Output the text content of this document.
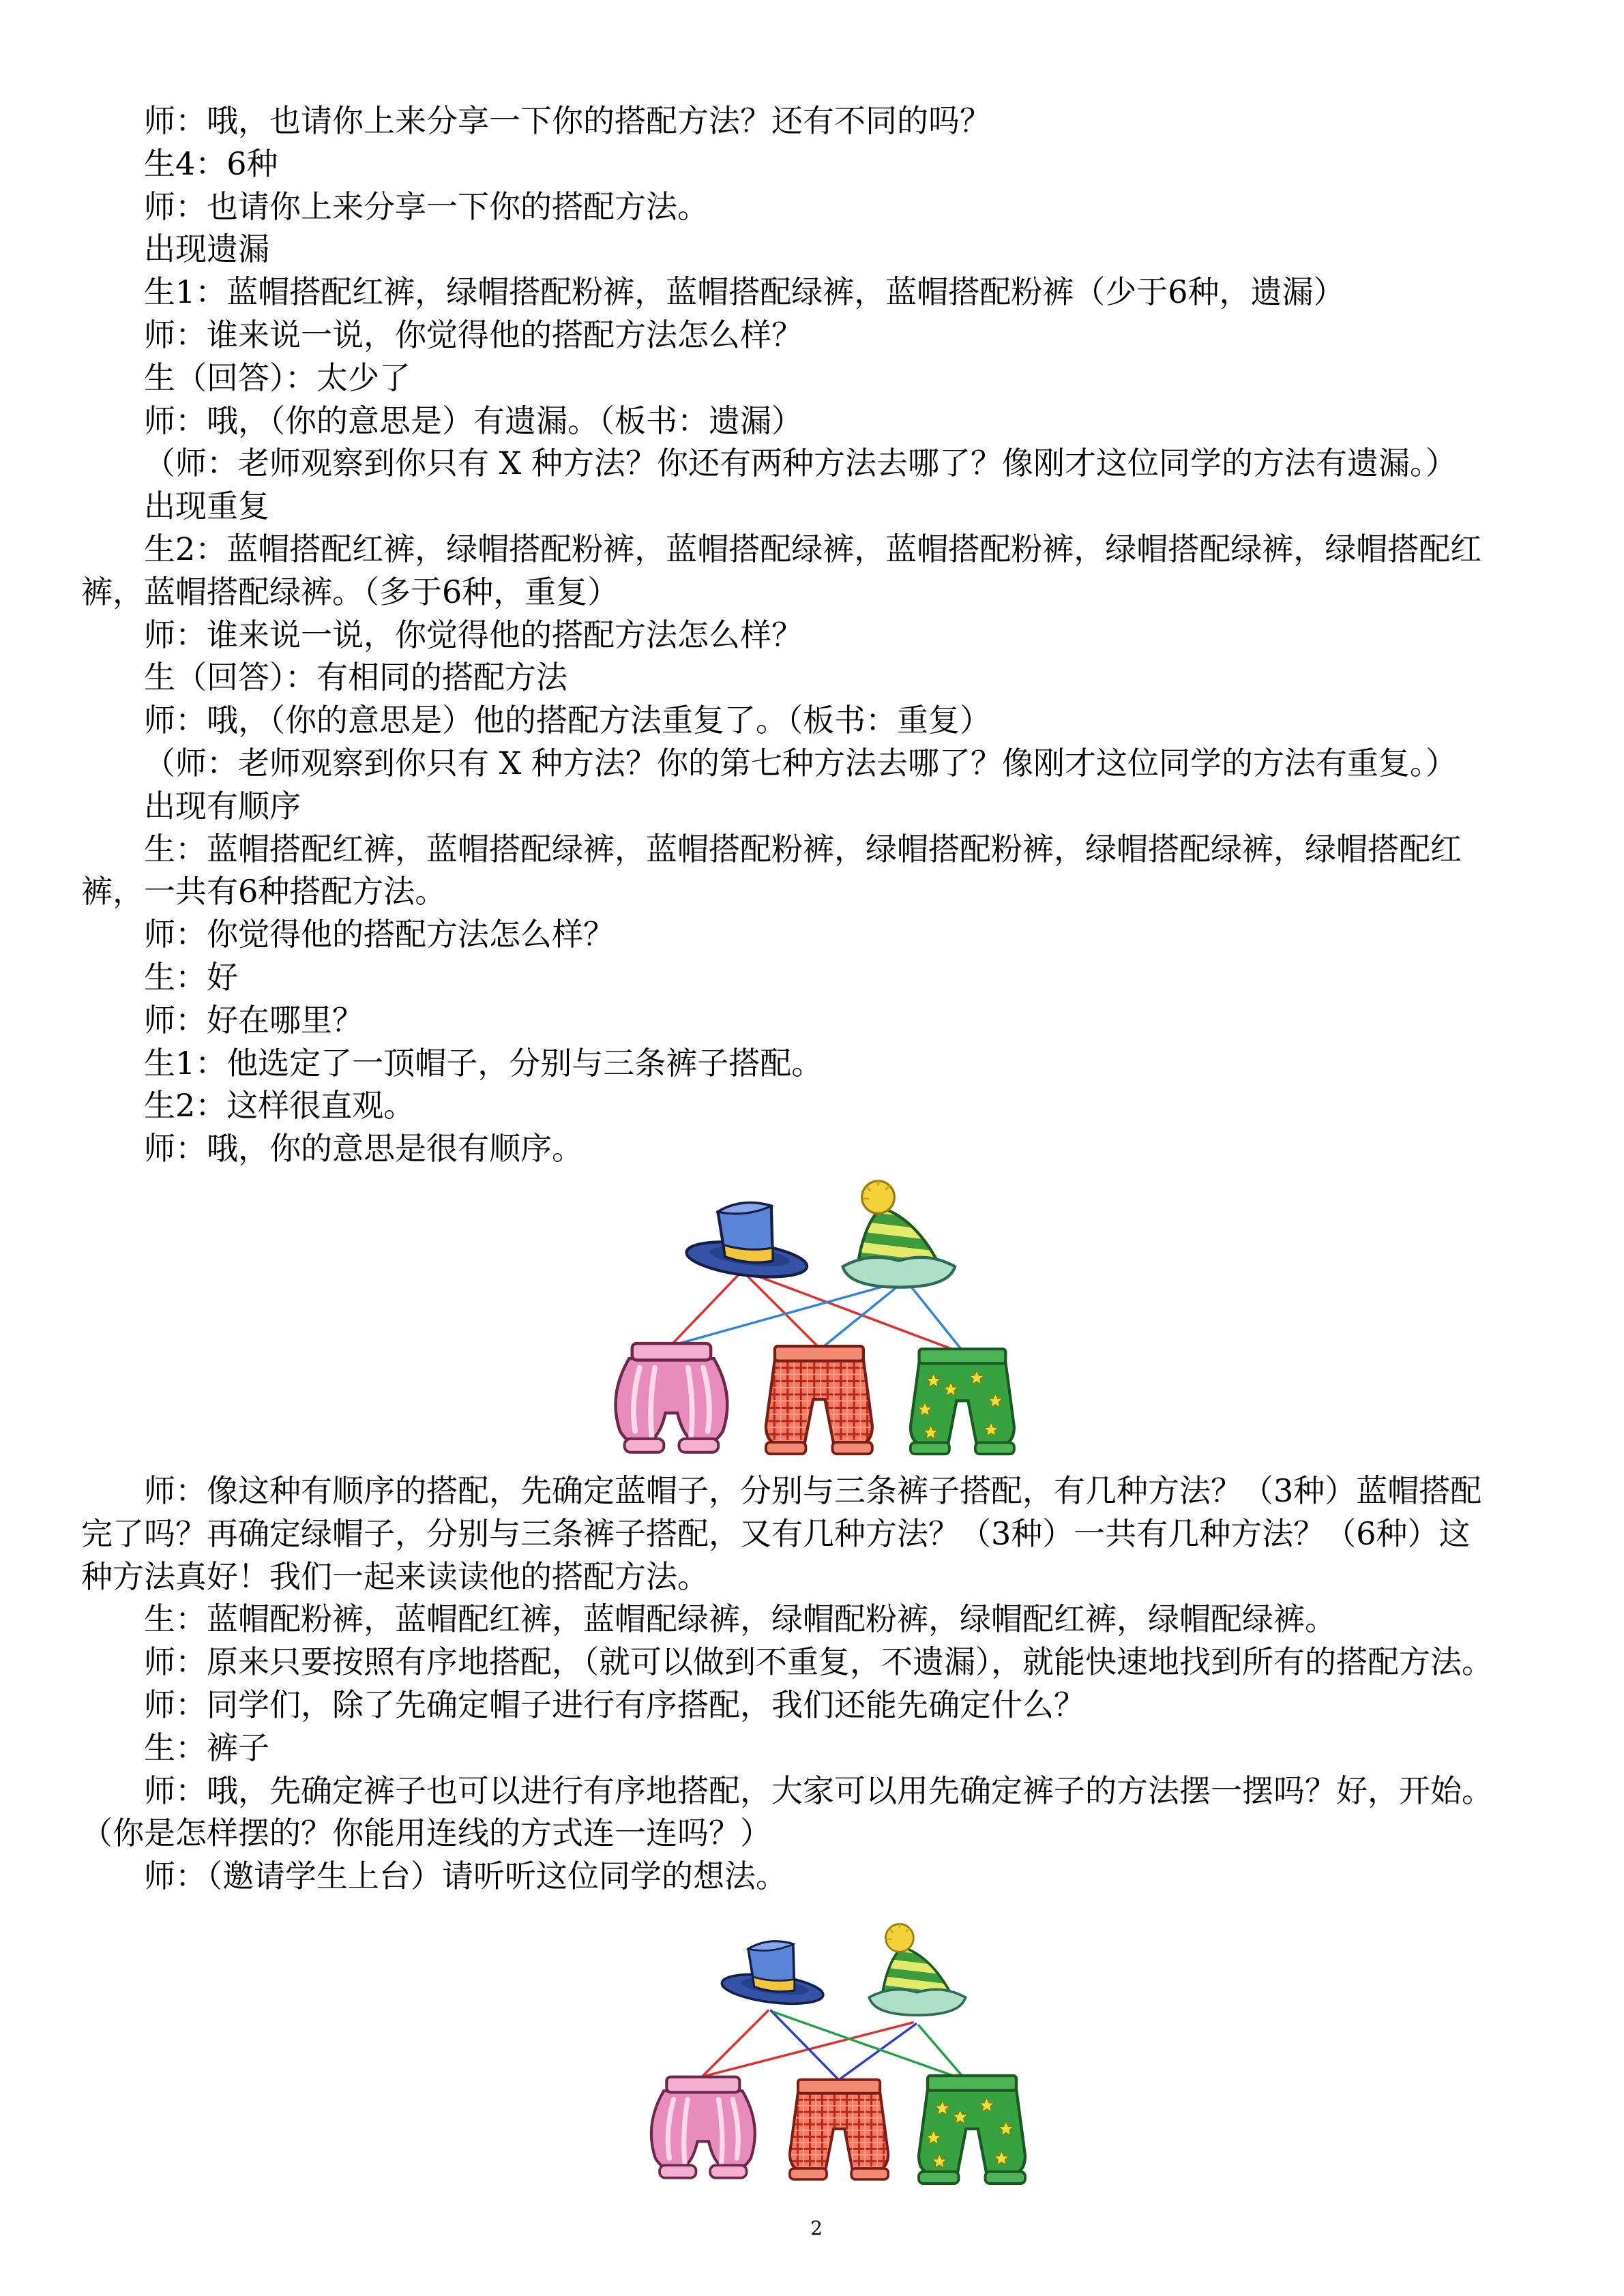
师：哦，也请你上来分享一下你的搭配方法？还有不同的吗？
生4：6种
师：也请你上来分享一下你的搭配方法。
出现遗漏
生1：蓝帽搭配红裤，绿帽搭配粉裤，蓝帽搭配绿裤，蓝帽搭配粉裤（少于6种，遗漏）
师：谁来说一说，你觉得他的搭配方法怎么样？
生（回答）：太少了
师：哦，（你的意思是）有遗漏。（板书：遗漏）
（师：老师观察到你只有 X 种方法？你还有两种方法去哪了？像刚才这位同学的方法有遗漏。）
出现重复
生2：蓝帽搭配红裤，绿帽搭配粉裤，蓝帽搭配绿裤，蓝帽搭配粉裤，绿帽搭配绿裤，绿帽搭配红
裤，蓝帽搭配绿裤。（多于6种，重复）
师：谁来说一说，你觉得他的搭配方法怎么样？
生（回答）：有相同的搭配方法
师：哦，（你的意思是）他的搭配方法重复了。（板书：重复）
（师：老师观察到你只有 X 种方法？你的第七种方法去哪了？像刚才这位同学的方法有重复。）
出现有顺序
生：蓝帽搭配红裤，蓝帽搭配绿裤，蓝帽搭配粉裤，绿帽搭配粉裤，绿帽搭配绿裤，绿帽搭配红
裤，一共有6种搭配方法。
师：你觉得他的搭配方法怎么样？
生：好
师：好在哪里？
生1：他选定了一顶帽子，分别与三条裤子搭配。
生2：这样很直观。
师：哦，你的意思是很有顺序。
师：像这种有顺序的搭配，先确定蓝帽子，分别与三条裤子搭配，有几种方法？（3种）蓝帽搭配
完了吗？再确定绿帽子，分别与三条裤子搭配，又有几种方法？（3种）一共有几种方法？（6种）这
种方法真好！我们一起来读读他的搭配方法。
生：蓝帽配粉裤，蓝帽配红裤，蓝帽配绿裤，绿帽配粉裤，绿帽配红裤，绿帽配绿裤。
师：原来只要按照有序地搭配，（就可以做到不重复，不遗漏），就能快速地找到所有的搭配方法。
师：同学们，除了先确定帽子进行有序搭配，我们还能先确定什么？
生：裤子
师：哦，先确定裤子也可以进行有序地搭配，大家可以用先确定裤子的方法摆一摆吗？好，开始。
（你是怎样摆的？你能用连线的方式连一连吗？）
师：（邀请学生上台）请听听这位同学的想法。
2
